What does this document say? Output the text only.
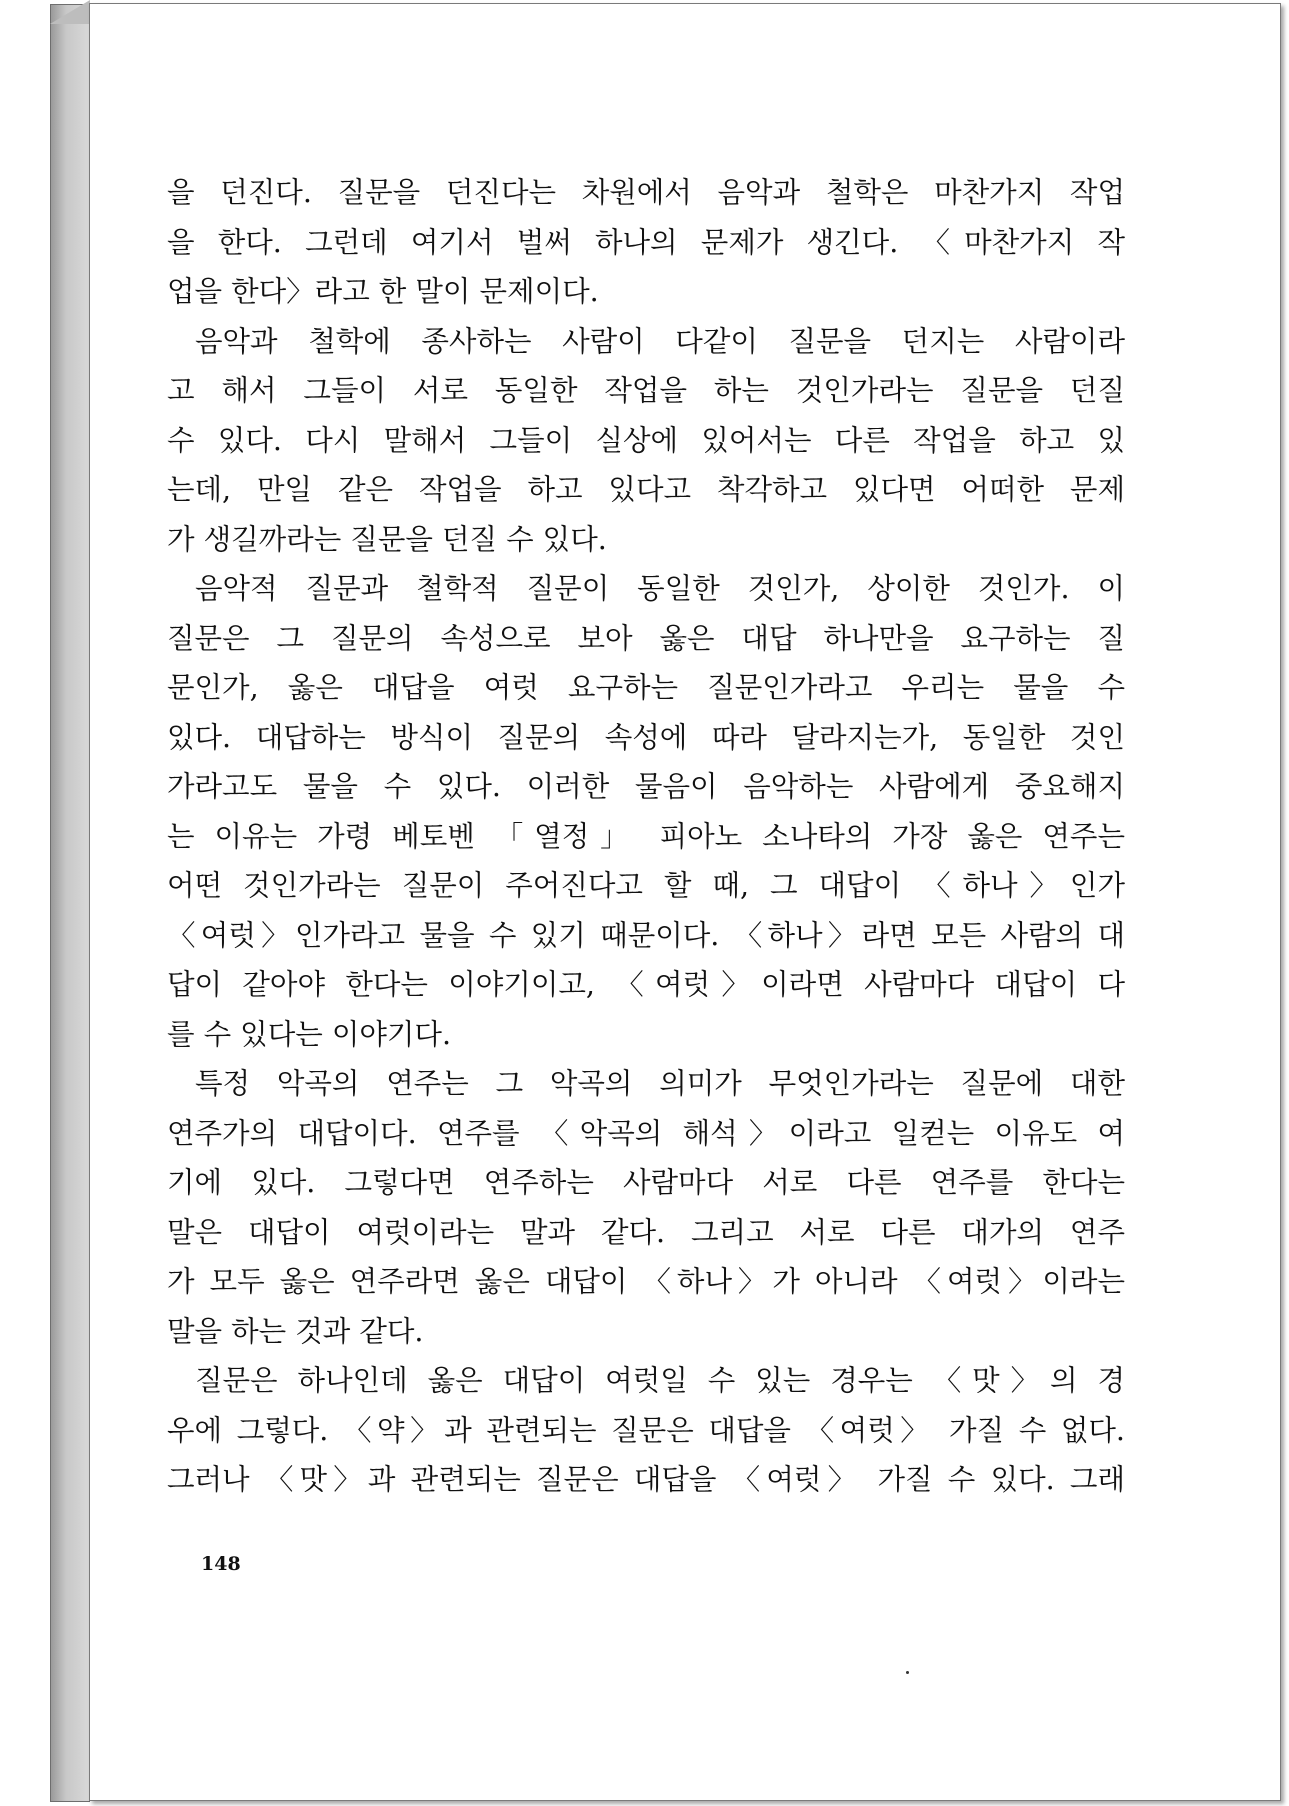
을 던진다. 질문을 던진다는 차원에서 음악과 철학은 마찬가지 작업
을 한다. 그런데 여기서 벌써 하나의 문제가 생긴다. 〈마찬가지 작
업을 한다〉라고 한 말이 문제이다.

음악과 철학에 종사하는 사람이 다같이 질문을 던지는 사람이라
고 해서 그들이 서로 동일한 작업을 하는 것인가라는 질문을 던질
수 있다. 다시 말해서 그들이 실상에 있어서는 다른 작업을 하고 있
는데, 만일 같은 작업을 하고 있다고 착각하고 있다면 어떠한 문제
가 생길까라는 질문을 던질 수 있다.

음악적 질문과 철학적 질문이 동일한 것인가, 상이한 것인가. 이
질문은 그 질문의 속성으로 보아 옳은 대답 하나만을 요구하는 질
문인가, 옳은 대답을 여럿 요구하는 질문인가라고 우리는 물을 수
있다. 대답하는 방식이 질문의 속성에 따라 달라지는가, 동일한 것인
가라고도 물을 수 있다. 이러한 물음이 음악하는 사람에게 중요해지
는 이유는 가령 베토벤 「열정」 피아노 소나타의 가장 옳은 연주는
어떤 것인가라는 질문이 주어진다고 할 때, 그 대답이 〈하나〉인가
〈여럿〉인가라고 물을 수 있기 때문이다. 〈하나〉라면 모든 사람의 대
답이 같아야 한다는 이야기이고, 〈여럿〉이라면 사람마다 대답이 다
를 수 있다는 이야기다.

특정 악곡의 연주는 그 악곡의 의미가 무엇인가라는 질문에 대한
연주가의 대답이다. 연주를 〈악곡의 해석〉이라고 일컫는 이유도 여
기에 있다. 그렇다면 연주하는 사람마다 서로 다른 연주를 한다는
말은 대답이 여럿이라는 말과 같다. 그리고 서로 다른 대가의 연주
가 모두 옳은 연주라면 옳은 대답이 〈하나〉가 아니라 〈여럿〉이라는
말을 하는 것과 같다.

질문은 하나인데 옳은 대답이 여럿일 수 있는 경우는 〈맛〉의 경
우에 그렇다. 〈약〉과 관련되는 질문은 대답을 〈여럿〉 가질 수 없다.
그러나 〈맛〉과 관련되는 질문은 대답을 〈여럿〉 가질 수 있다. 그래

148
